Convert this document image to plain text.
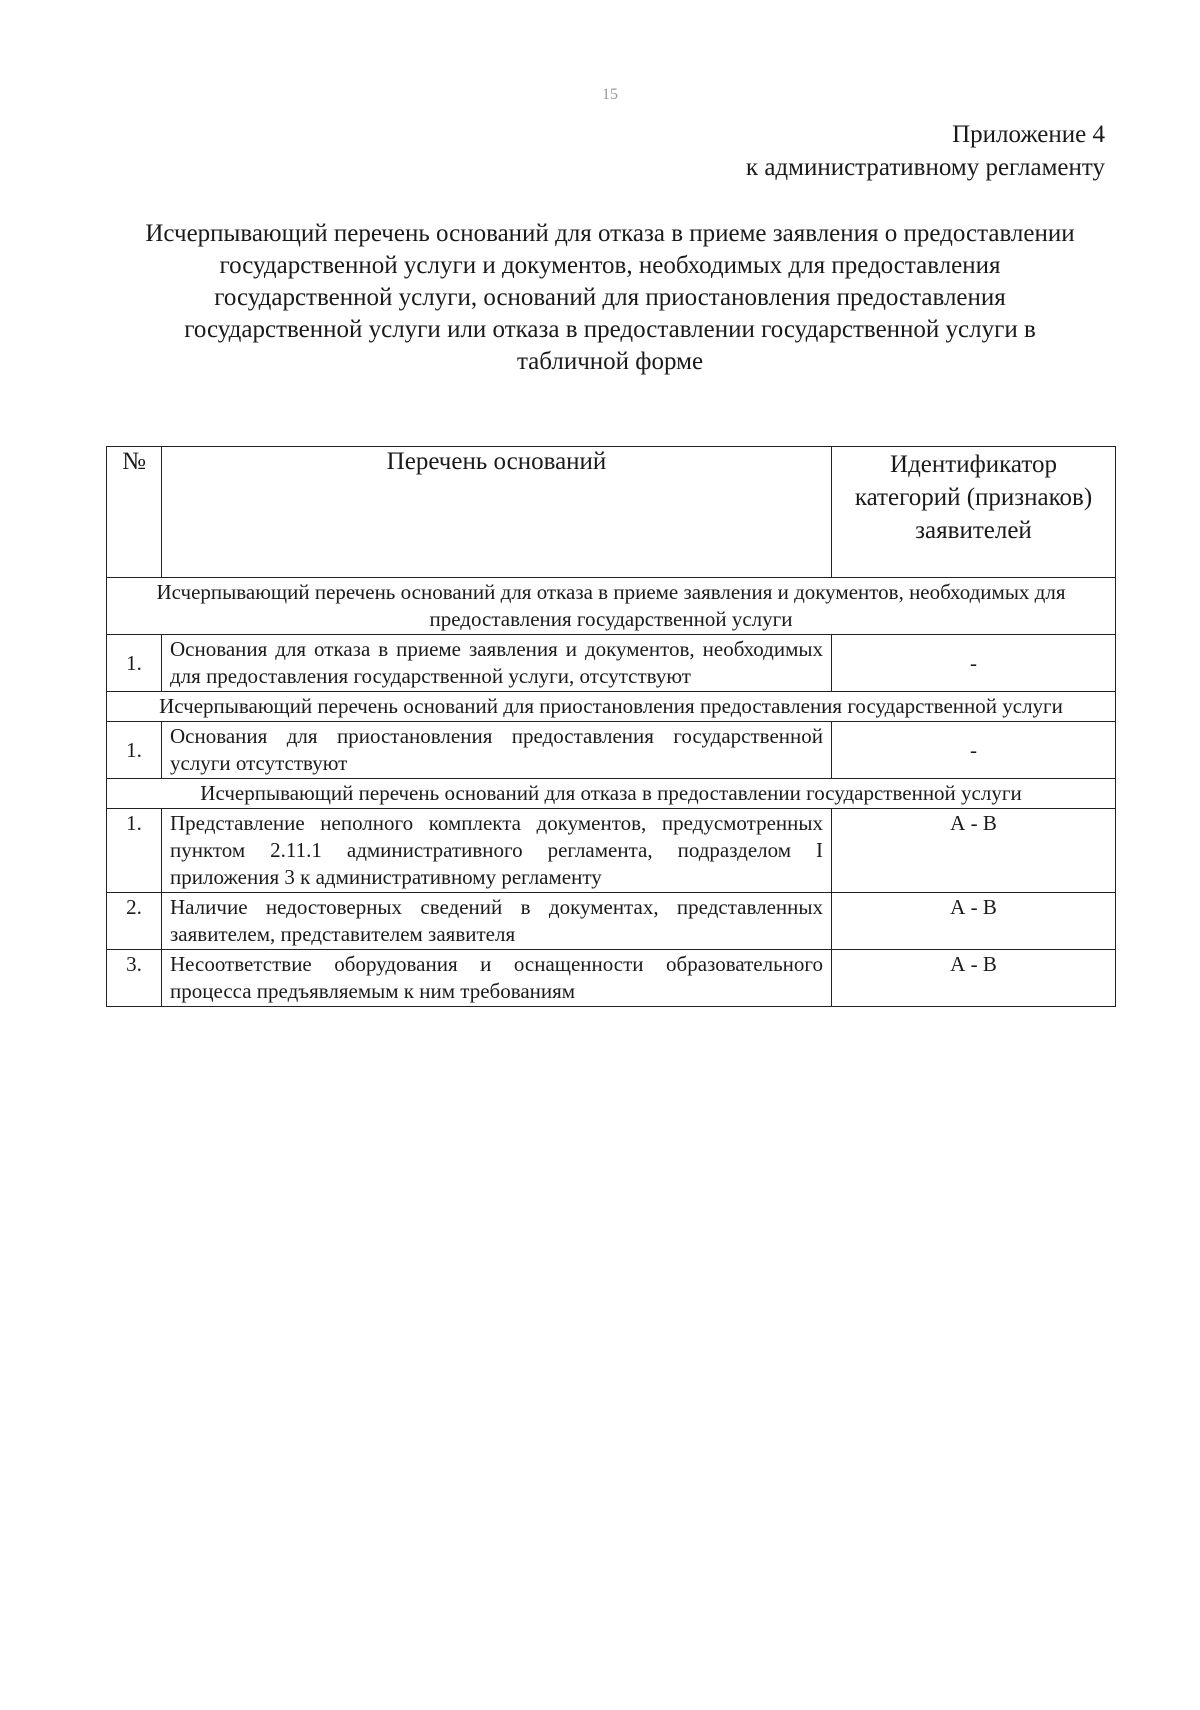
15
Приложение 4
к административному регламенту
Исчерпывающий перечень оснований для отказа в приеме заявления о предоставлении государственной услуги и документов, необходимых для предоставления государственной услуги, оснований для приостановления предоставления государственной услуги или отказа в предоставлении государственной услуги в табличной форме
№	Перечень оснований	Идентификатор категорий (признаков) заявителей
Исчерпывающий перечень оснований для отказа в приеме заявления и документов, необходимых для предоставления государственной услуги		
1.	Основания для отказа в приеме заявления и документов, необходимых для предоставления государственной услуги, отсутствуют	-
Исчерпывающий перечень оснований для приостановления предоставления государственной услуги		
1.	Основания для приостановления предоставления государственной услуги отсутствуют	-
Исчерпывающий перечень оснований для отказа в предоставлении государственной услуги		
1.	Представление неполного комплекта документов, предусмотренных пунктом 2.11.1 административного регламента, подразделом I приложения 3 к административному регламенту	А - В
2.	Наличие недостоверных сведений в документах, представленных заявителем, представителем заявителя	А - В
3.	Несоответствие оборудования и оснащенности образовательного процесса предъявляемым к ним требованиям	А - В
